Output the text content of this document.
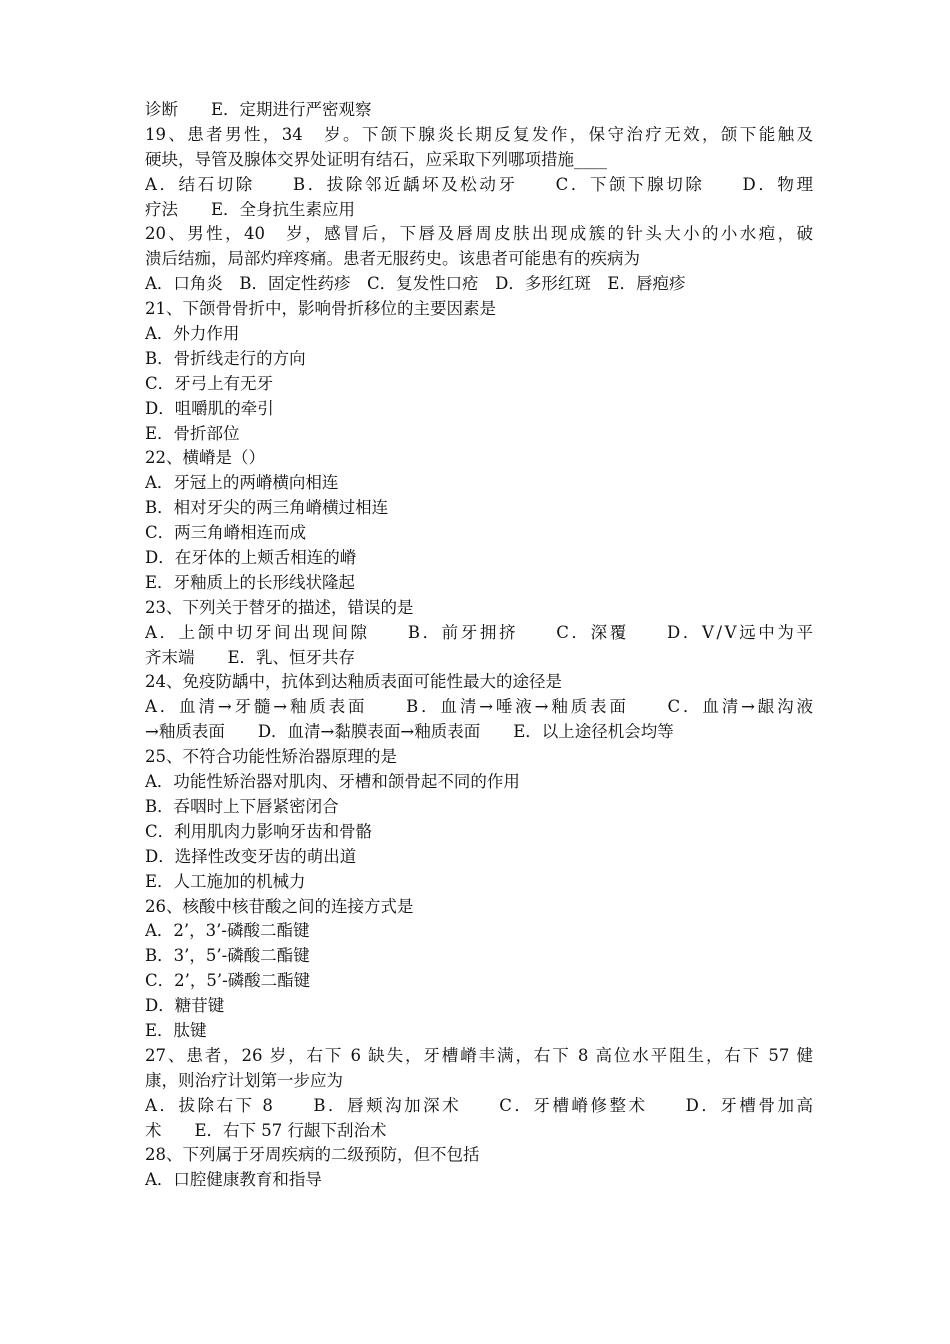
诊断　　E．定期进行严密观察
19、患者男性，34　岁。下颌下腺炎长期反复发作，保守治疗无效，颌下能触及
硬块，导管及腺体交界处证明有结石，应采取下列哪项措施____
A．结石切除　　B．拔除邻近龋坏及松动牙　　C．下颌下腺切除　　D．物理
疗法　　E．全身抗生素应用
20、男性，40　岁，感冒后，下唇及唇周皮肤出现成簇的针头大小的小水疱，破
溃后结痂，局部灼痒疼痛。患者无服药史。该患者可能患有的疾病为
A．口角炎　B．固定性药疹　C．复发性口疮　D．多形红斑　E．唇疱疹
21、下颌骨骨折中，影响骨折移位的主要因素是
A．外力作用
B．骨折线走行的方向
C．牙弓上有无牙
D．咀嚼肌的牵引
E．骨折部位
22、横嵴是（）
A．牙冠上的两嵴横向相连
B．相对牙尖的两三角嵴横过相连
C．两三角嵴相连而成
D．在牙体的上颊舌相连的嵴
E．牙釉质上的长形线状隆起
23、下列关于替牙的描述，错误的是
A．上颌中切牙间出现间隙　　B．前牙拥挤　　C．深覆　　D．Ⅴ/Ⅴ远中为平
齐末端　　E．乳、恒牙共存
24、免疫防龋中，抗体到达釉质表面可能性最大的途径是
A．血清→牙髓→釉质表面　　B．血清→唾液→釉质表面　　C．血清→龈沟液
→釉质表面　　D．血清→黏膜表面→釉质表面　　E．以上途径机会均等
25、不符合功能性矫治器原理的是
A．功能性矫治器对肌肉、牙槽和颌骨起不同的作用
B．吞咽时上下唇紧密闭合
C．利用肌肉力影响牙齿和骨骼
D．选择性改变牙齿的萌出道
E．人工施加的机械力
26、核酸中核苷酸之间的连接方式是
A．2’，3’-磷酸二酯键
B．3’，5’-磷酸二酯键
C．2’，5’-磷酸二酯键
D．糖苷键
E．肽键
27、患者，26 岁，右下 6 缺失，牙槽嵴丰满，右下 8 高位水平阻生，右下 57 健
康，则治疗计划第一步应为
A．拔除右下 8　　B．唇颊沟加深术　　C．牙槽嵴修整术　　D．牙槽骨加高
术　　E．右下 57 行龈下刮治术
28、下列属于牙周疾病的二级预防，但不包括
A．口腔健康教育和指导
